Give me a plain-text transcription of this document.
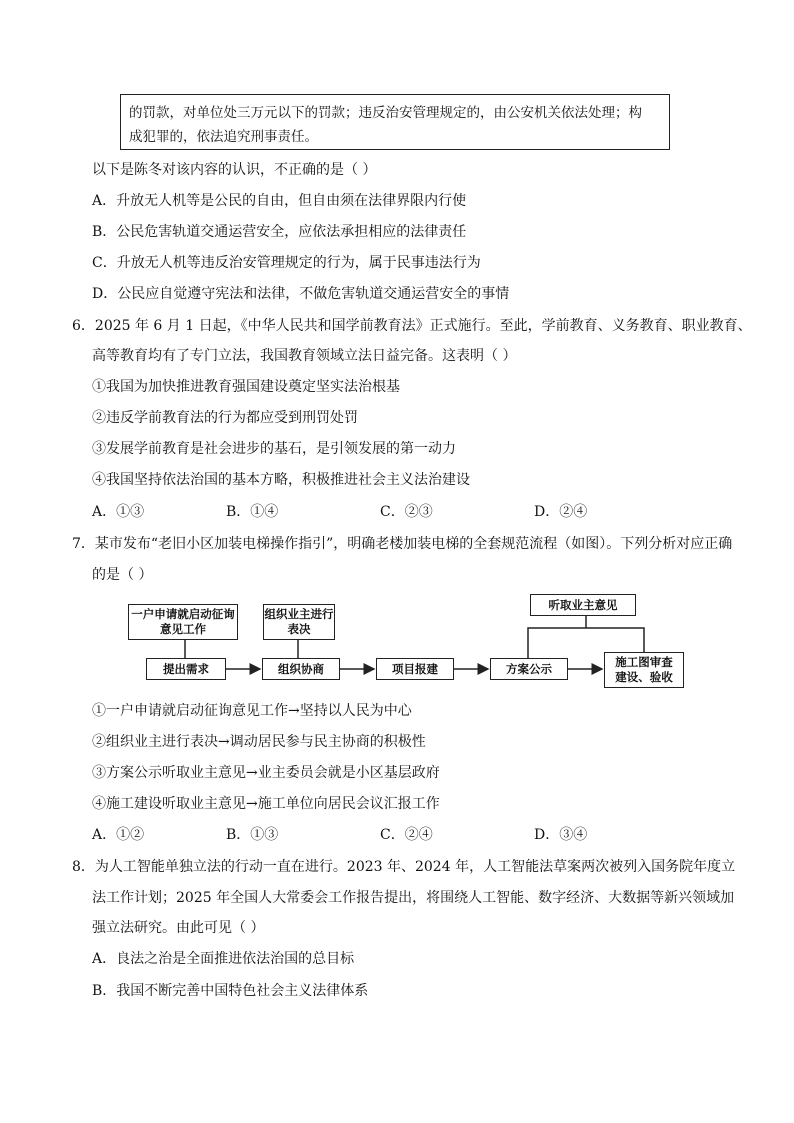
的罚款，对单位处三万元以下的罚款；违反治安管理规定的，由公安机关依法处理；构
成犯罪的，依法追究刑事责任。
以下是陈冬对该内容的认识，不正确的是（ ）
A．升放无人机等是公民的自由，但自由须在法律界限内行使
B．公民危害轨道交通运营安全，应依法承担相应的法律责任
C．升放无人机等违反治安管理规定的行为，属于民事违法行为
D．公民应自觉遵守宪法和法律，不做危害轨道交通运营安全的事情
6．2025 年 6 月 1 日起，《中华人民共和国学前教育法》正式施行。至此，学前教育、义务教育、职业教育、
高等教育均有了专门立法，我国教育领域立法日益完备。这表明（ ）
①我国为加快推进教育强国建设奠定坚实法治根基
②违反学前教育法的行为都应受到刑罚处罚
③发展学前教育是社会进步的基石，是引领发展的第一动力
④我国坚持依法治国的基本方略，积极推进社会主义法治建设
A．①③	B．①④	C．②③	D．②④
7．某市发布“老旧小区加装电梯操作指引”，明确老楼加装电梯的全套规范流程（如图）。下列分析对应正确
的是（ ）
一户申请就启动征询意见工作
组织业主进行表决
听取业主意见
提出需求	组织协商	项目报建	方案公示	施工图审查建设、验收
①一户申请就启动征询意见工作→坚持以人民为中心
②组织业主进行表决→调动居民参与民主协商的积极性
③方案公示听取业主意见→业主委员会就是小区基层政府
④施工建设听取业主意见→施工单位向居民会议汇报工作
A．①②	B．①③	C．②④	D．③④
8．为人工智能单独立法的行动一直在进行。2023 年、2024 年，人工智能法草案两次被列入国务院年度立
法工作计划；2025 年全国人大常委会工作报告提出，将围绕人工智能、数字经济、大数据等新兴领域加
强立法研究。由此可见（ ）
A．良法之治是全面推进依法治国的总目标
B．我国不断完善中国特色社会主义法律体系
